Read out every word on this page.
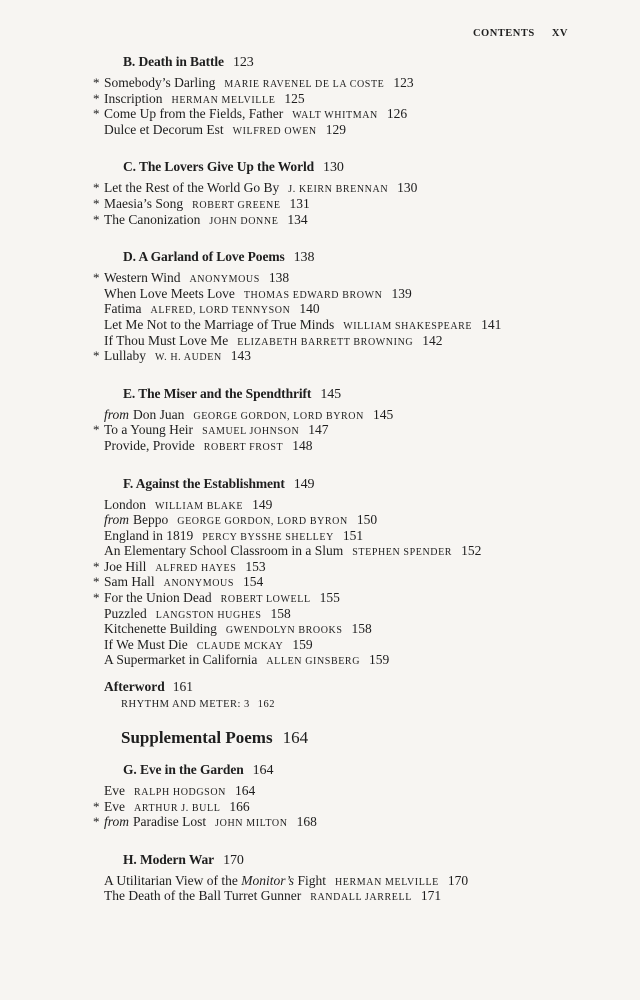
CONTENTS XV
B. Death in Battle 123
* Somebody’s Darling MARIE RAVENEL DE LA COSTE 123
* Inscription HERMAN MELVILLE 125
* Come Up from the Fields, Father WALT WHITMAN 126
Dulce et Decorum Est WILFRED OWEN 129
C. The Lovers Give Up the World 130
* Let the Rest of the World Go By J. KEIRN BRENNAN 130
* Maesia’s Song ROBERT GREENE 131
* The Canonization JOHN DONNE 134
D. A Garland of Love Poems 138
* Western Wind ANONYMOUS 138
When Love Meets Love THOMAS EDWARD BROWN 139
Fatima ALFRED, LORD TENNYSON 140
Let Me Not to the Marriage of True Minds WILLIAM SHAKESPEARE 141
If Thou Must Love Me ELIZABETH BARRETT BROWNING 142
* Lullaby W. H. AUDEN 143
E. The Miser and the Spendthrift 145
from Don Juan GEORGE GORDON, LORD BYRON 145
* To a Young Heir SAMUEL JOHNSON 147
Provide, Provide ROBERT FROST 148
F. Against the Establishment 149
London WILLIAM BLAKE 149
from Beppo GEORGE GORDON, LORD BYRON 150
England in 1819 PERCY BYSSHE SHELLEY 151
An Elementary School Classroom in a Slum STEPHEN SPENDER 152
* Joe Hill ALFRED HAYES 153
* Sam Hall ANONYMOUS 154
* For the Union Dead ROBERT LOWELL 155
Puzzled LANGSTON HUGHES 158
Kitchenette Building GWENDOLYN BROOKS 158
If We Must Die CLAUDE MCKAY 159
A Supermarket in California ALLEN GINSBERG 159
Afterword 161
RHYTHM AND METER: 3 162
Supplemental Poems 164
G. Eve in the Garden 164
Eve RALPH HODGSON 164
* Eve ARTHUR J. BULL 166
* from Paradise Lost JOHN MILTON 168
H. Modern War 170
A Utilitarian View of the Monitor’s Fight HERMAN MELVILLE 170
The Death of the Ball Turret Gunner RANDALL JARRELL 171
